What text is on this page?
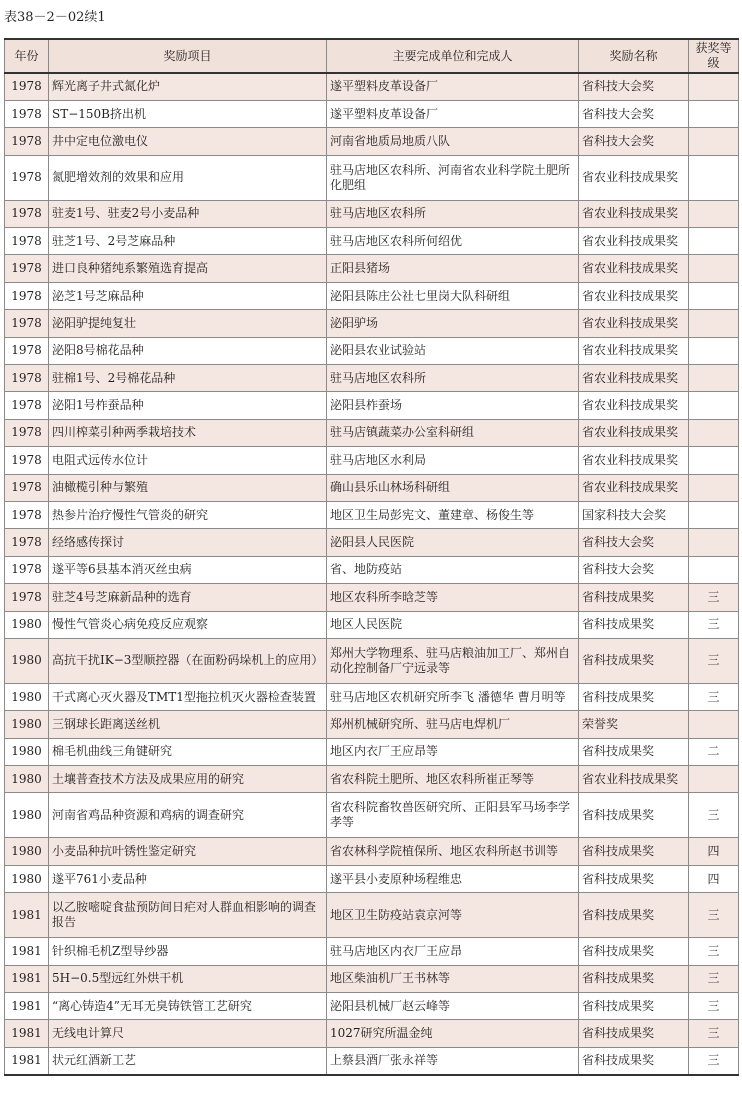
表38－2－02续1
年份	奖励项目	主要完成单位和完成人	奖励名称	获奖等级
1978	辉光离子井式氮化炉	遂平塑料皮革设备厂	省科技大会奖	
1978	ST−150B挤出机	遂平塑料皮革设备厂	省科技大会奖	
1978	井中定电位激电仪	河南省地质局地质八队	省科技大会奖	
1978	氮肥增效剂的效果和应用	驻马店地区农科所、河南省农业科学院土肥所化肥组	省农业科技成果奖	
1978	驻麦1号、驻麦2号小麦品种	驻马店地区农科所	省农业科技成果奖	
1978	驻芝1号、2号芝麻品种	驻马店地区农科所何绍优	省农业科技成果奖	
1978	进口良种猪纯系繁殖选育提高	正阳县猪场	省农业科技成果奖	
1978	泌芝1号芝麻品种	泌阳县陈庄公社七里岗大队科研组	省农业科技成果奖	
1978	泌阳驴提纯复壮	泌阳驴场	省农业科技成果奖	
1978	泌阳8号棉花品种	泌阳县农业试验站	省农业科技成果奖	
1978	驻棉1号、2号棉花品种	驻马店地区农科所	省农业科技成果奖	
1978	泌阳1号柞蚕品种	泌阳县柞蚕场	省农业科技成果奖	
1978	四川榨菜引种两季栽培技术	驻马店镇蔬菜办公室科研组	省农业科技成果奖	
1978	电阻式远传水位计	驻马店地区水利局	省农业科技成果奖	
1978	油橄榄引种与繁殖	确山县乐山林场科研组	省农业科技成果奖	
1978	热参片治疗慢性气管炎的研究	地区卫生局彭宪文、董建章、杨俊生等	国家科技大会奖	
1978	经络感传探讨	泌阳县人民医院	省科技大会奖	
1978	遂平等6县基本消灭丝虫病	省、地防疫站	省科技大会奖	
1978	驻芝4号芝麻新品种的选育	地区农科所李晗芝等	省科技成果奖	三
1980	慢性气管炎心病免疫反应观察	地区人民医院	省科技成果奖	三
1980	高抗干扰IK−3型顺控器（在面粉码垛机上的应用）	郑州大学物理系、驻马店粮油加工厂、郑州自动化控制备厂宁远录等	省科技成果奖	三
1980	干式离心灭火器及TMT1型拖拉机灭火器检查装置	驻马店地区农机研究所李飞 潘德华 曹月明等	省科技成果奖	三
1980	三钢球长距离送丝机	郑州机械研究所、驻马店电焊机厂	荣誉奖	
1980	棉毛机曲线三角键研究	地区内衣厂王应昂等	省科技成果奖	二
1980	土壤普查技术方法及成果应用的研究	省农科院土肥所、地区农科所崔正琴等	省农业科技成果奖	
1980	河南省鸡品种资源和鸡病的调查研究	省农科院畜牧兽医研究所、正阳县军马场李学孝等	省科技成果奖	三
1980	小麦品种抗叶锈性鉴定研究	省农林科学院植保所、地区农科所赵书训等	省科技成果奖	四
1980	遂平761小麦品种	遂平县小麦原种场程维忠	省科技成果奖	四
1981	以乙胺嘧啶食盐预防间日疟对人群血相影响的调查报告	地区卫生防疫站袁京河等	省科技成果奖	三
1981	针织棉毛机Z型导纱器	驻马店地区内衣厂王应昂	省科技成果奖	三
1981	5H−0.5型远红外烘干机	地区柴油机厂王书林等	省科技成果奖	三
1981	“离心铸造4”无耳无臭铸铁管工艺研究	泌阳县机械厂赵云峰等	省科技成果奖	三
1981	无线电计算尺	1027研究所温金纯	省科技成果奖	三
1981	状元红酒新工艺	上蔡县酒厂张永祥等	省科技成果奖	三
